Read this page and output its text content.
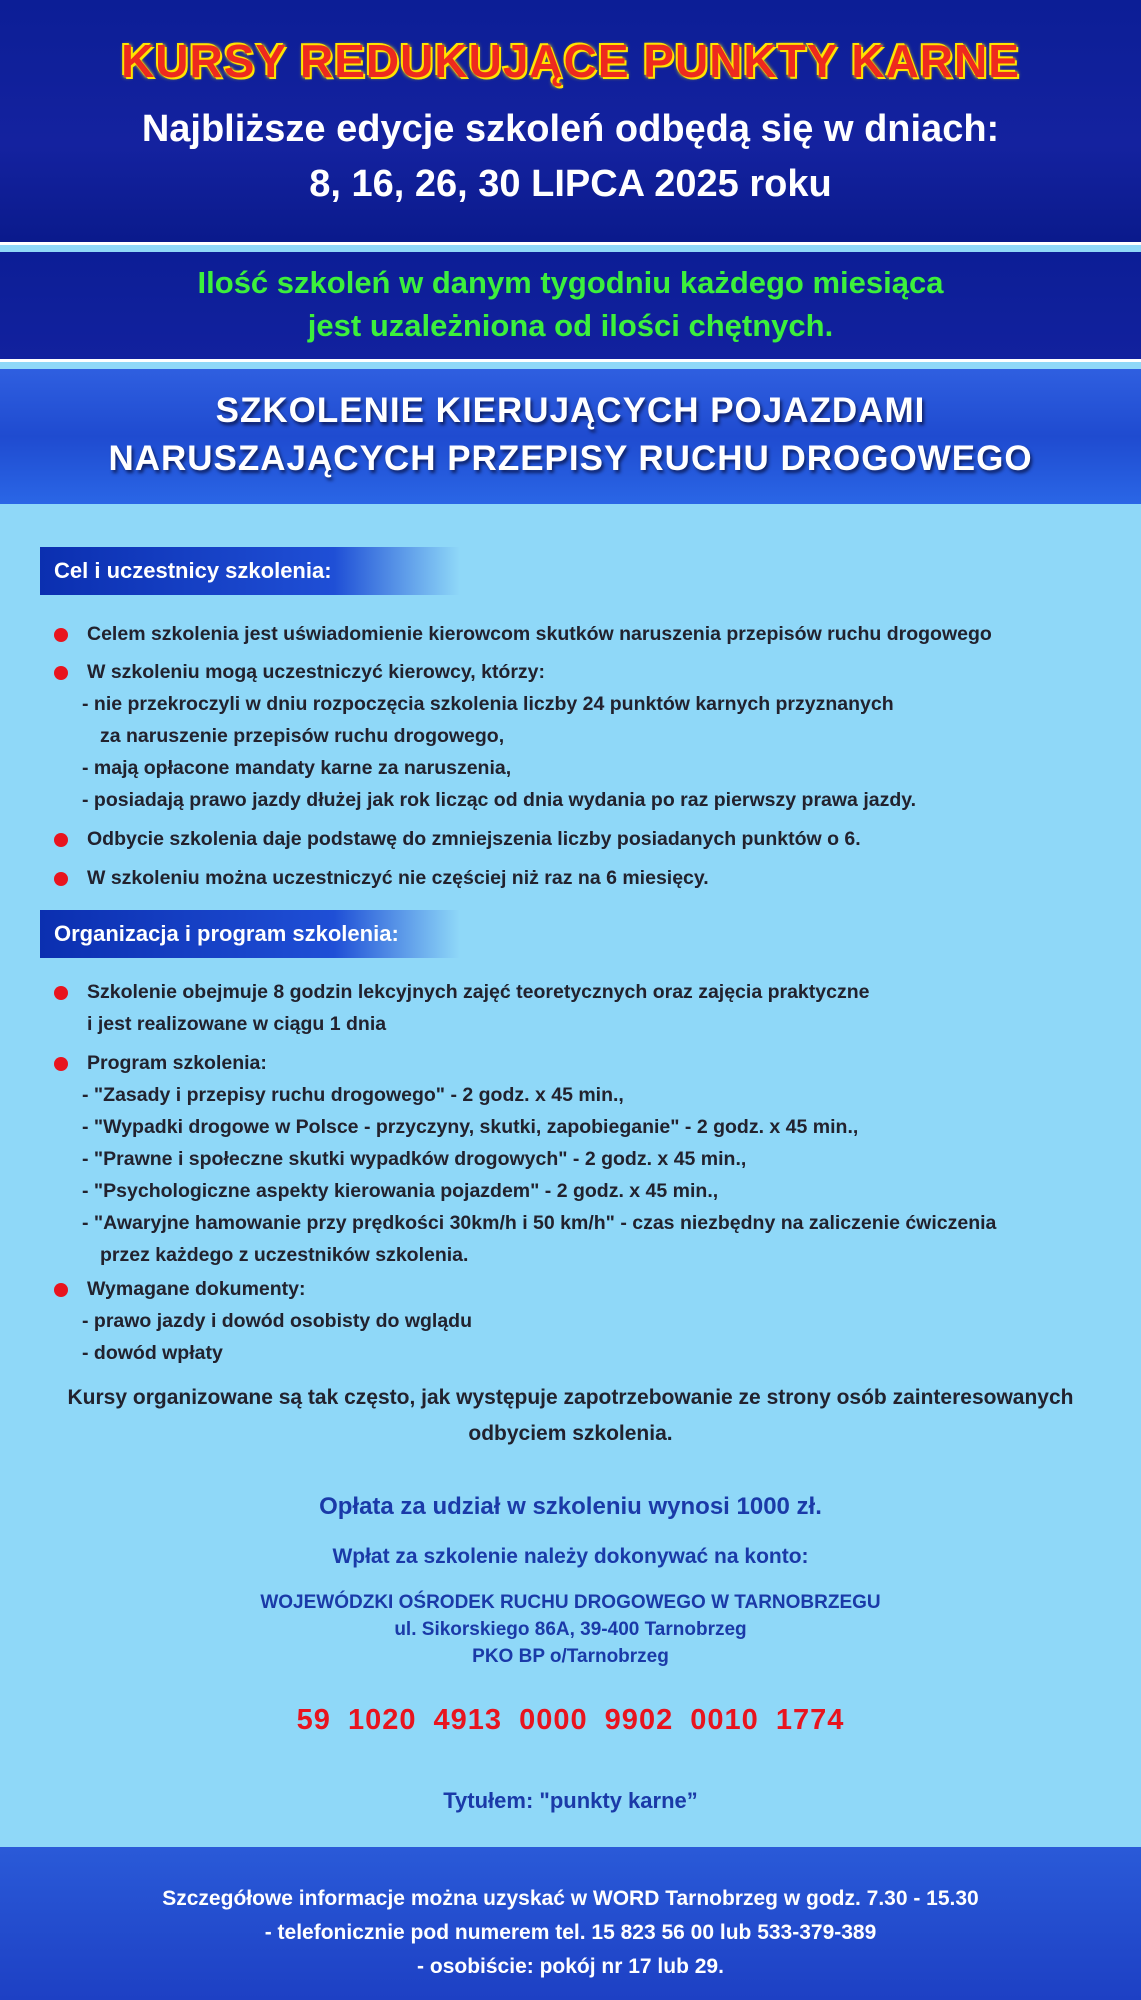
KURSY REDUKUJĄCE PUNKTY KARNE
Najbliższe edycje szkoleń odbędą się w dniach:
8, 16, 26, 30 LIPCA 2025 roku
Ilość szkoleń w danym tygodniu każdego miesiąca
jest uzależniona od ilości chętnych.
SZKOLENIE KIERUJĄCYCH POJAZDAMI
NARUSZAJĄCYCH PRZEPISY RUCHU DROGOWEGO
Cel i uczestnicy szkolenia:
Celem szkolenia jest uświadomienie kierowcom skutków naruszenia przepisów ruchu drogowego
W szkoleniu mogą uczestniczyć kierowcy, którzy:
- nie przekroczyli w dniu rozpoczęcia szkolenia liczby 24 punktów karnych przyznanych
za naruszenie przepisów ruchu drogowego,
- mają opłacone mandaty karne za naruszenia,
- posiadają prawo jazdy dłużej jak rok licząc od dnia wydania po raz pierwszy prawa jazdy.
Odbycie szkolenia daje podstawę do zmniejszenia liczby posiadanych punktów o 6.
W szkoleniu można uczestniczyć nie częściej niż raz na 6 miesięcy.
Organizacja i program szkolenia:
Szkolenie obejmuje 8 godzin lekcyjnych zajęć teoretycznych oraz zajęcia praktyczne
i jest realizowane w ciągu 1 dnia
Program szkolenia:
- "Zasady i przepisy ruchu drogowego" - 2 godz. x 45 min.,
- "Wypadki drogowe w Polsce - przyczyny, skutki, zapobieganie" - 2 godz. x 45 min.,
- "Prawne i społeczne skutki wypadków drogowych" - 2 godz. x 45 min.,
- "Psychologiczne aspekty kierowania pojazdem" - 2 godz. x 45 min.,
- "Awaryjne hamowanie przy prędkości 30km/h i 50 km/h" - czas niezbędny na zaliczenie ćwiczenia
przez każdego z uczestników szkolenia.
Wymagane dokumenty:
- prawo jazdy i dowód osobisty do wglądu
- dowód wpłaty
Kursy organizowane są tak często, jak występuje zapotrzebowanie ze strony osób zainteresowanych
odbyciem szkolenia.
Opłata za udział w szkoleniu wynosi 1000 zł.
Wpłat za szkolenie należy dokonywać na konto:
WOJEWÓDZKI OŚRODEK RUCHU DROGOWEGO W TARNOBRZEGU
ul. Sikorskiego 86A, 39-400 Tarnobrzeg
PKO BP o/Tarnobrzeg
59 1020 4913 0000 9902 0010 1774
Tytułem: "punkty karne”
Szczegółowe informacje można uzyskać w WORD Tarnobrzeg w godz. 7.30 - 15.30
- telefonicznie pod numerem tel. 15 823 56 00 lub 533-379-389
- osobiście: pokój nr 17 lub 29.
